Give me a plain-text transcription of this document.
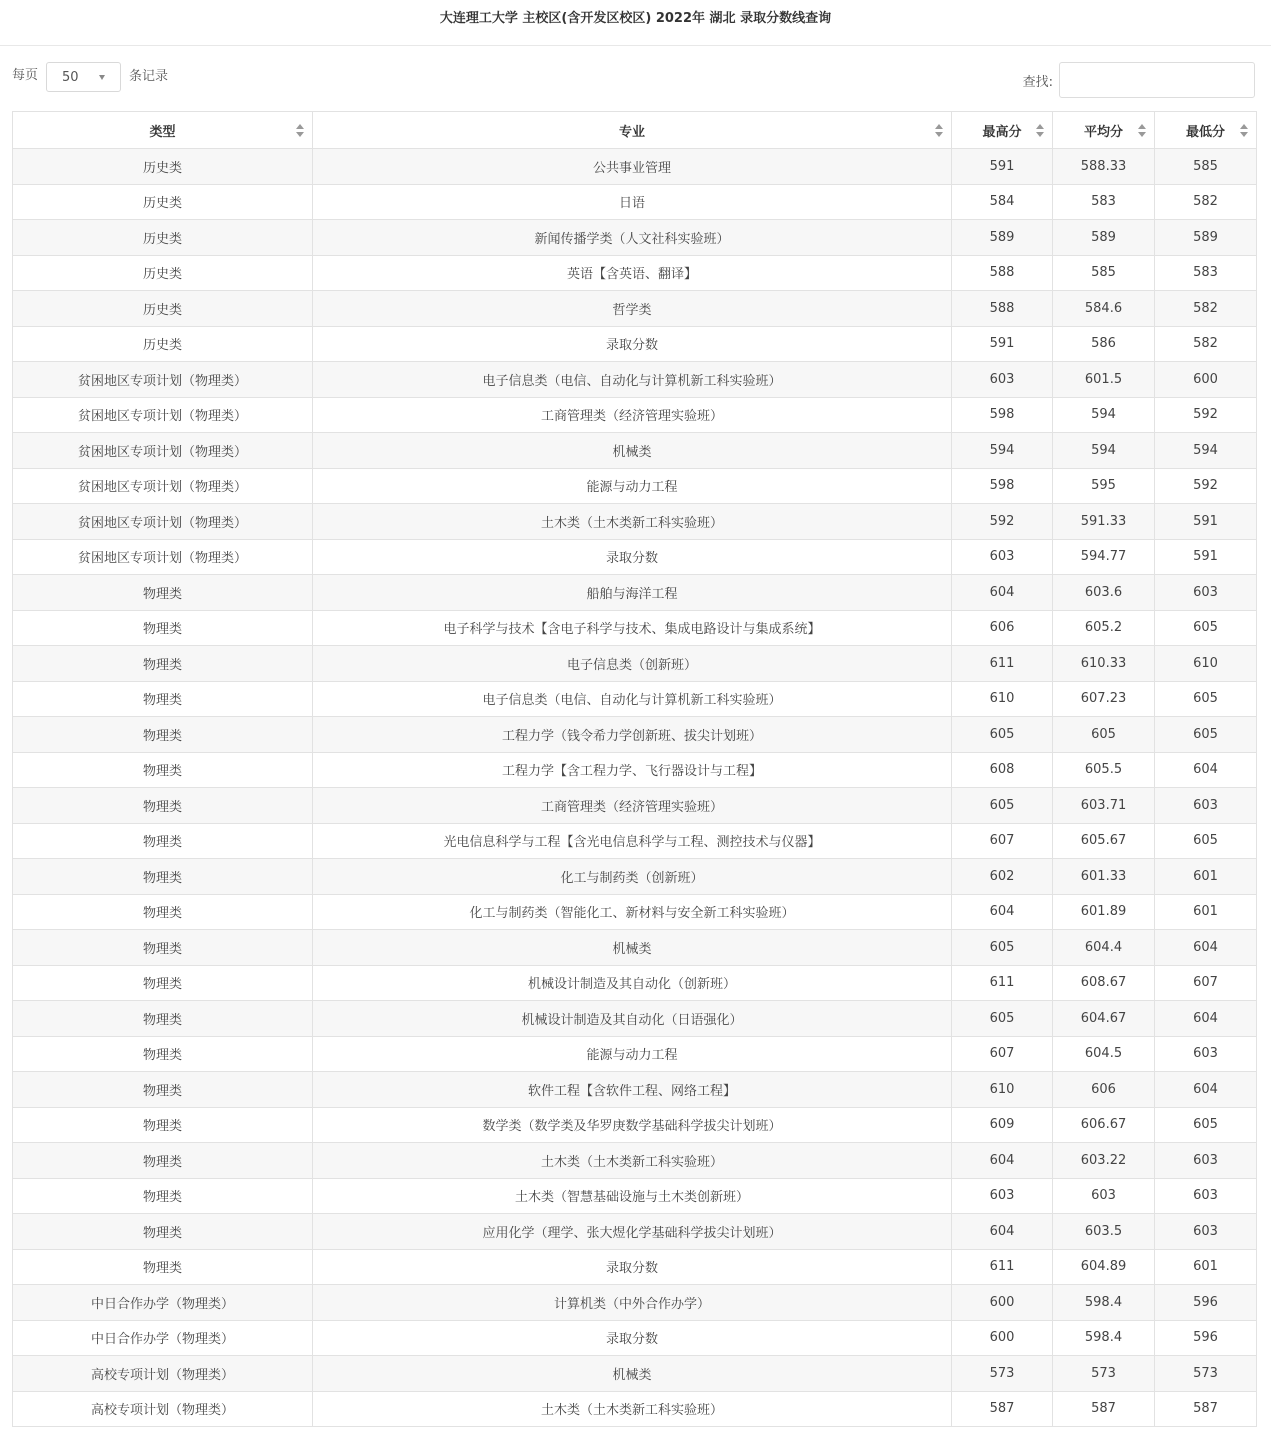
大连理工大学 主校区(含开发区校区) 2022年 湖北 录取分数线查询
每页 50	条记录	查找:
类型	专业	最高分	平均分	最低分

历史类	公共事业管理	591	588.33	585
历史类	日语	584	583	582
历史类	新闻传播学类（人文社科实验班）	589	589	589
历史类	英语【含英语、翻译】	588	585	583
历史类	哲学类	588	584.6	582
历史类	录取分数	591	586	582
贫困地区专项计划（物理类）	电子信息类（电信、自动化与计算机新工科实验班）	603	601.5	600
贫困地区专项计划（物理类）	工商管理类（经济管理实验班）	598	594	592
贫困地区专项计划（物理类）	机械类	594	594	594
贫困地区专项计划（物理类）	能源与动力工程	598	595	592
贫困地区专项计划（物理类）	土木类（土木类新工科实验班）	592	591.33	591
贫困地区专项计划（物理类）	录取分数	603	594.77	591
物理类	船舶与海洋工程	604	603.6	603
物理类	电子科学与技术【含电子科学与技术、集成电路设计与集成系统】	606	605.2	605
物理类	电子信息类（创新班）	611	610.33	610
物理类	电子信息类（电信、自动化与计算机新工科实验班）	610	607.23	605
物理类	工程力学（钱令希力学创新班、拔尖计划班）	605	605	605
物理类	工程力学【含工程力学、飞行器设计与工程】	608	605.5	604
物理类	工商管理类（经济管理实验班）	605	603.71	603
物理类	光电信息科学与工程【含光电信息科学与工程、测控技术与仪器】	607	605.67	605
物理类	化工与制药类（创新班）	602	601.33	601
物理类	化工与制药类（智能化工、新材料与安全新工科实验班）	604	601.89	601
物理类	机械类	605	604.4	604
物理类	机械设计制造及其自动化（创新班）	611	608.67	607
物理类	机械设计制造及其自动化（日语强化）	605	604.67	604
物理类	能源与动力工程	607	604.5	603
物理类	软件工程【含软件工程、网络工程】	610	606	604
物理类	数学类（数学类及华罗庚数学基础科学拔尖计划班）	609	606.67	605
物理类	土木类（土木类新工科实验班）	604	603.22	603
物理类	土木类（智慧基础设施与土木类创新班）	603	603	603
物理类	应用化学（理学、张大煜化学基础科学拔尖计划班）	604	603.5	603
物理类	录取分数	611	604.89	601
中日合作办学（物理类）	计算机类（中外合作办学）	600	598.4	596
中日合作办学（物理类）	录取分数	600	598.4	596
高校专项计划（物理类）	机械类	573	573	573
高校专项计划（物理类）	土木类（土木类新工科实验班）	587	587	587
